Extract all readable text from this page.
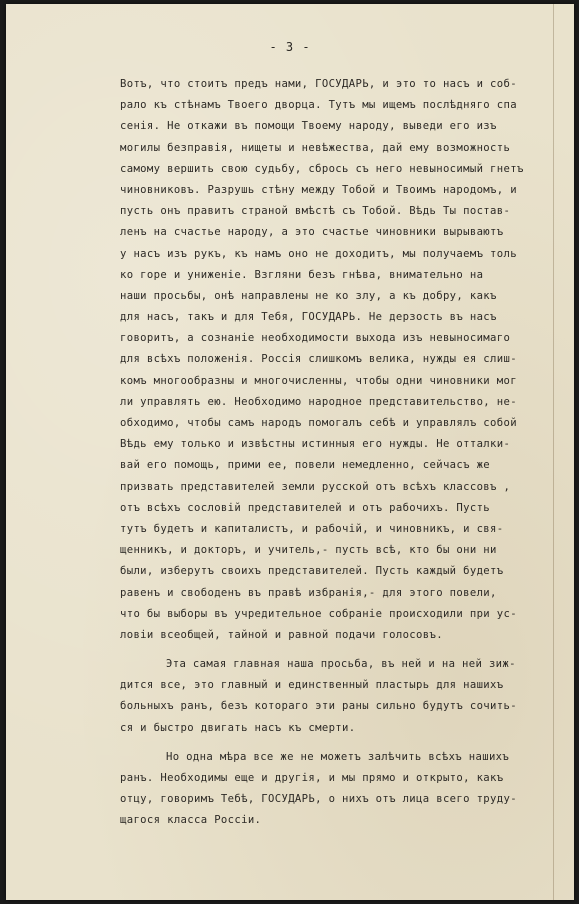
- 3 -
Вотъ, что стоитъ предъ нами, ГОСУДАРЬ, и это то насъ и соб-
рало къ стѣнамъ Твоего дворца. Тутъ мы ищемъ послѣдняго спа
сенія. Не откажи въ помощи Твоему народу, выведи его изъ
могилы безправія, нищеты и невѣжества, дай ему возможность
самому вершить свою судьбу, сбрось съ него невыносимый гнетъ
чиновниковъ. Разрушь стѣну между Тобой и Твоимъ народомъ, и
пусть онъ правитъ страной вмѣстѣ съ Тобой. Вѣдь Ты постав-
ленъ на счастье народу, а это счастье чиновники вырываютъ
у насъ изъ рукъ, къ намъ оно не доходитъ, мы получаемъ толь
ко горе и униженіе. Взгляни безъ гнѣва, внимательно на
наши просьбы, онѣ направлены не ко злу, а къ добру, какъ
для насъ, такъ и для Тебя, ГОСУДАРЬ. Не дерзость въ насъ
говоритъ, а сознаніе необходимости выхода изъ невыносимаго
для всѣхъ положенія. Россія слишкомъ велика, нужды ея слиш-
комъ многообразны и многочисленны, чтобы одни чиновники мог
ли управлять ею. Необходимо народное представительство, не-
обходимо, чтобы самъ народъ помогалъ себѣ и управлялъ собой
Вѣдь ему только и извѣстны истинныя его нужды. Не отталки-
вай его помощь, прими ее, повели немедленно, сейчасъ же
призвать представителей земли русской отъ всѣхъ классовъ ,
отъ всѣхъ сословій представителей и отъ рабочихъ. Пусть
тутъ будетъ и капиталистъ, и рабочій, и чиновникъ, и свя-
щенникъ, и докторъ, и учитель,- пусть всѣ, кто бы они ни
были, изберутъ своихъ представителей. Пусть каждый будетъ
равенъ и свободенъ въ правѣ избранія,- для этого повели,
что бы выборы въ учредительное собраніе происходили при ус-
ловіи всеобщей, тайной и равной подачи голосовъ.
Эта самая главная наша просьба, въ ней и на ней зиж-
дится все, это главный и единственный пластырь для нашихъ
больныхъ ранъ, безъ котораго эти раны сильно будутъ сочить-
ся и быстро двигать насъ къ смерти.
Но одна мѣра все же не можетъ залѣчить всѣхъ нашихъ
ранъ. Необходимы еще и другія, и мы прямо и открыто, какъ
отцу, говоримъ Тебѣ, ГОСУДАРЬ, о нихъ отъ лица всего труду-
щагося класса Россіи.
